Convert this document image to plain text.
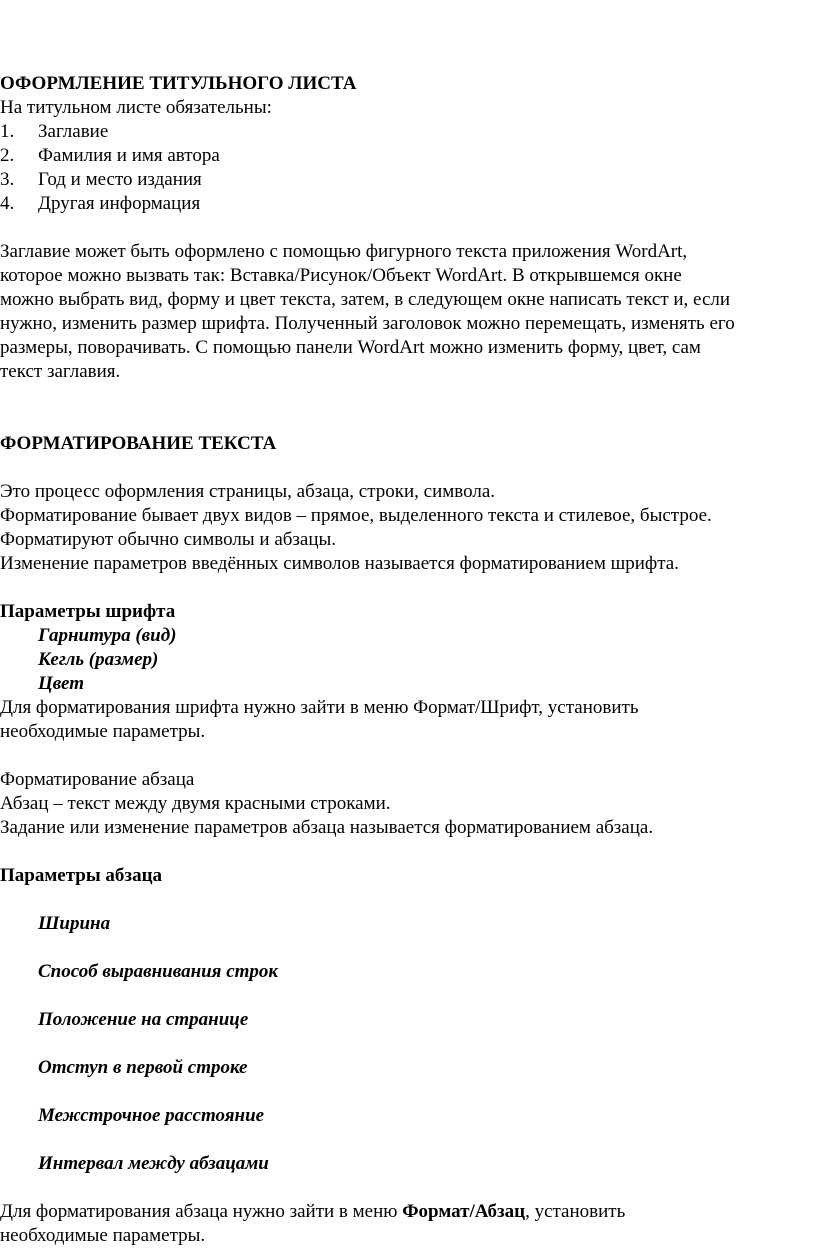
ОФОРМЛЕНИЕ ТИТУЛЬНОГО ЛИСТА
На титульном листе обязательны:
1.	Заглавие
2.	Фамилия и имя автора
3.	Год и место издания
4.	Другая информация
Заглавие может быть оформлено с помощью фигурного текста приложения WordArt,
которое можно вызвать так: Вставка/Рисунок/Объект WordArt. В открывшемся окне
можно выбрать вид, форму и цвет текста, затем, в следующем окне написать текст и, если
нужно, изменить размер шрифта. Полученный заголовок можно перемещать, изменять его
размеры, поворачивать. С помощью панели WordArt можно изменить форму, цвет, сам
текст заглавия.
ФОРМАТИРОВАНИЕ ТЕКСТА
Это процесс оформления страницы, абзаца, строки, символа.
Форматирование бывает двух видов – прямое, выделенного текста и стилевое, быстрое.
Форматируют обычно символы и абзацы.
Изменение параметров введённых символов называется форматированием шрифта.
Параметры шрифта
Гарнитура (вид)
Кегль (размер)
Цвет
Для форматирования шрифта нужно зайти в меню Формат/Шрифт, установить
необходимые параметры.
Форматирование абзаца
Абзац – текст между двумя красными строками.
Задание или изменение параметров абзаца называется форматированием абзаца.
Параметры абзаца
Ширина
Способ выравнивания строк
Положение на странице
Отступ в первой строке
Межстрочное расстояние
Интервал между абзацами
Для форматирования абзаца нужно зайти в меню Формат/Абзац, установить
необходимые параметры.
